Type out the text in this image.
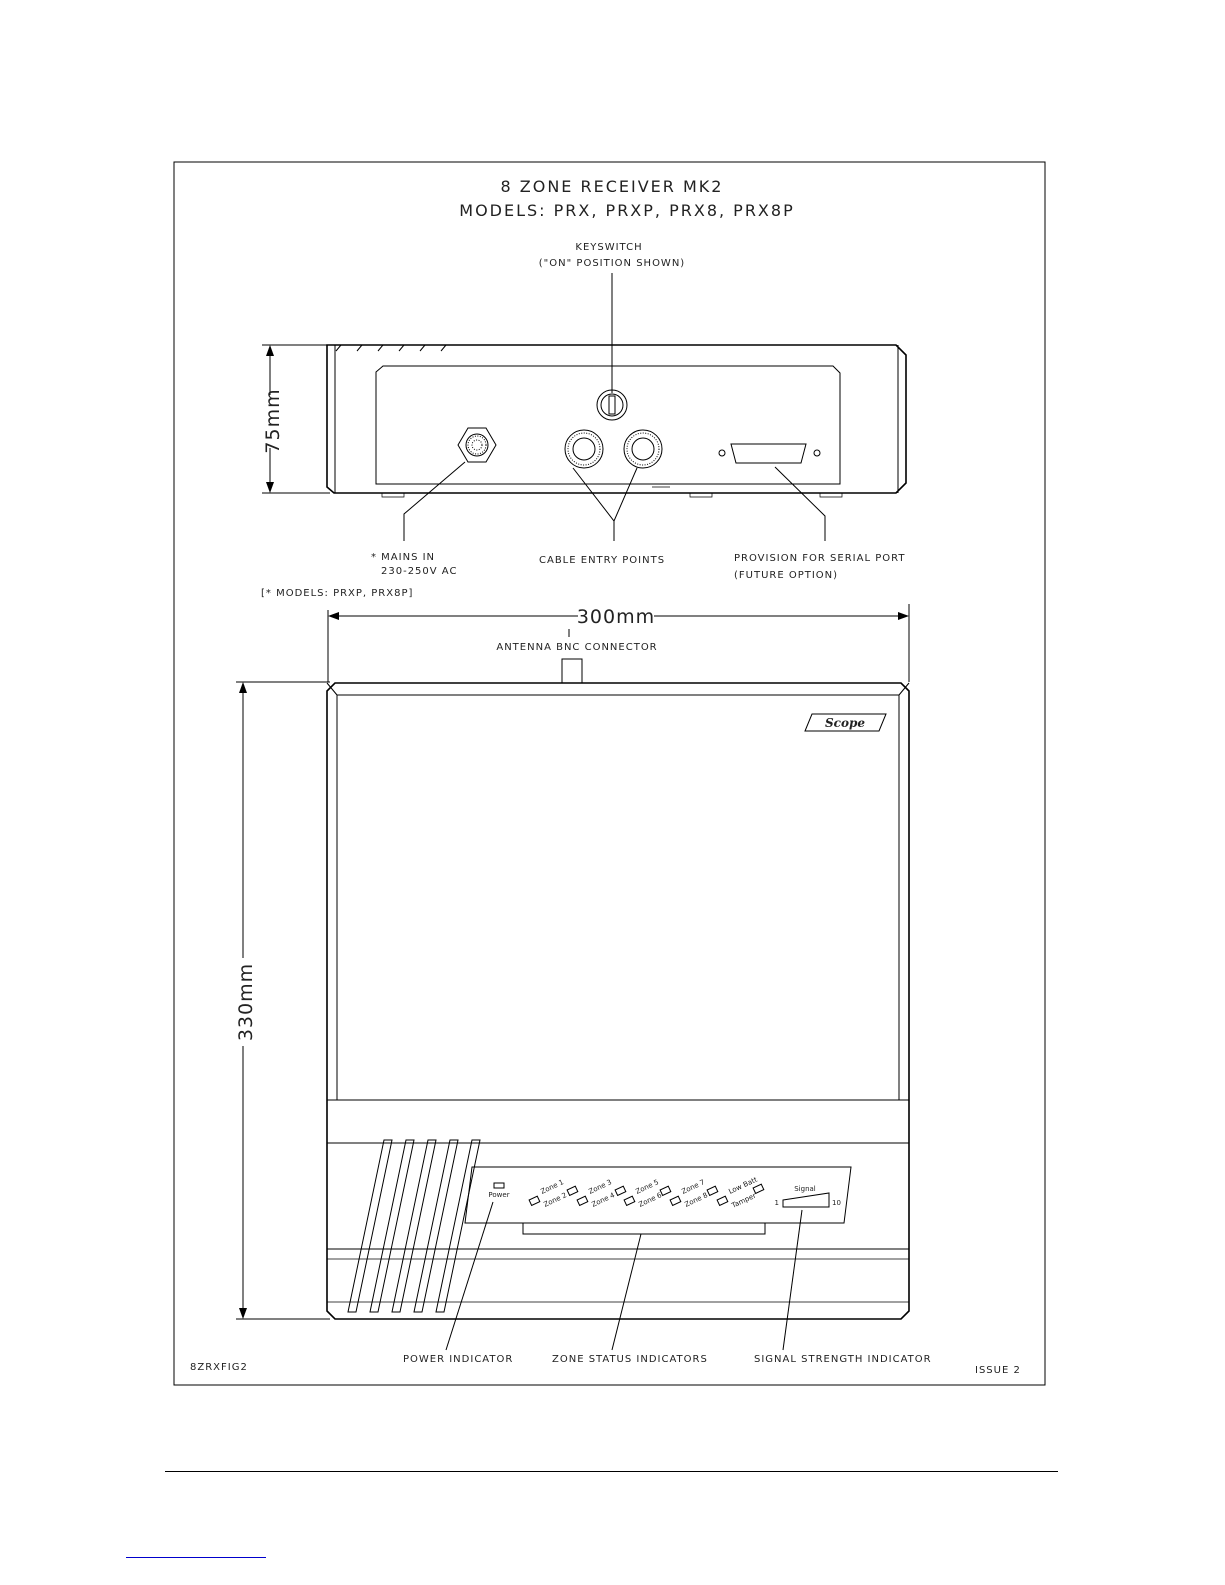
8 ZONE RECEIVER MK2
MODELS: PRX, PRXP, PRX8, PRX8P
KEYSWITCH
("ON" POSITION SHOWN)
75mm
* MAINS IN
230-250V AC
CABLE ENTRY POINTS	PROVISION FOR SERIAL PORT
(FUTURE OPTION)
[* MODELS: PRXP, PRX8P]
300mm
ANTENNA BNC CONNECTOR
330mm
Scope
Power	Zone 1
Zone 2
Zone 3
Zone 4
Zone 5
Zone 6
Zone 7
Zone 8
Low Batt
Tamper
Signal
1	10
POWER INDICATOR	ZONE STATUS INDICATORS	SIGNAL STRENGTH INDICATOR
8ZRXFIG2	ISSUE 2
